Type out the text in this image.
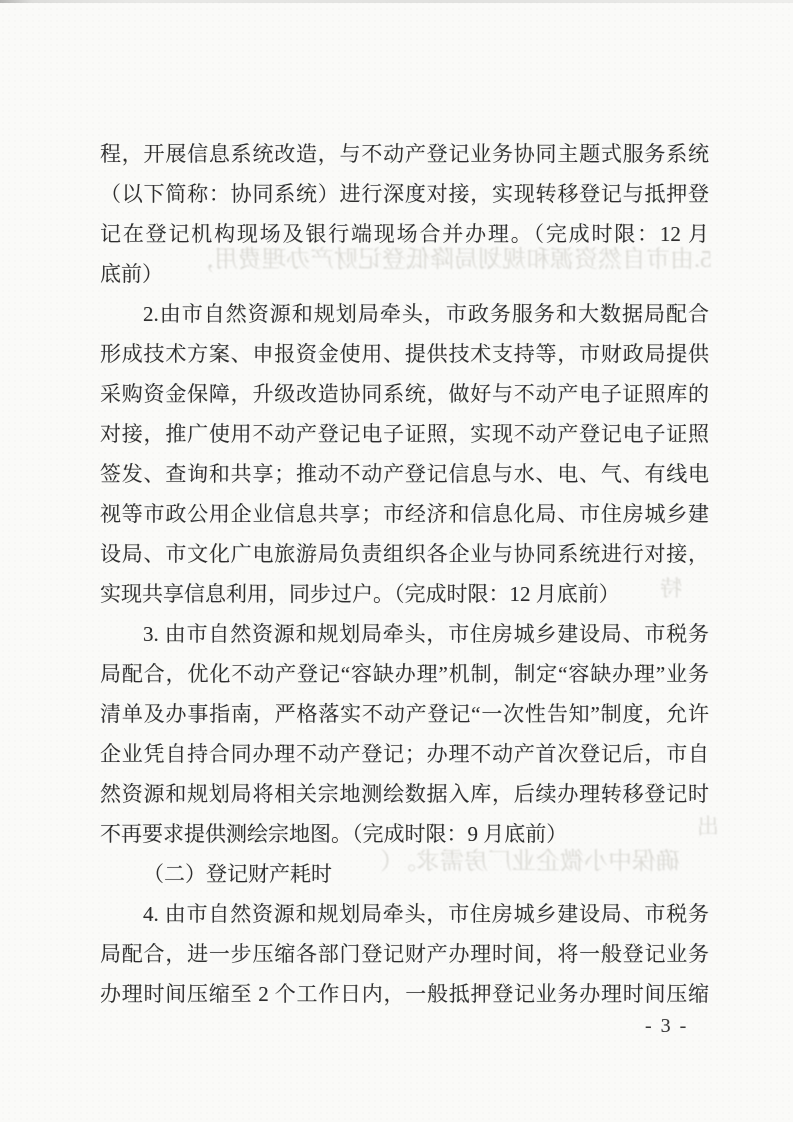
5.由市自然资源和规划局降低登记财产办理费用，
确保中小微企业厂房需求。（
出
特
程，开展信息系统改造，与不动产登记业务协同主题式服务系统
（以下简称：协同系统）进行深度对接，实现转移登记与抵押登
记在登记机构现场及银行端现场合并办理。（完成时限：12 月
底前）
2.由市自然资源和规划局牵头，市政务服务和大数据局配合
形成技术方案、申报资金使用、提供技术支持等，市财政局提供
采购资金保障，升级改造协同系统，做好与不动产电子证照库的
对接，推广使用不动产登记电子证照，实现不动产登记电子证照
签发、查询和共享；推动不动产登记信息与水、电、气、有线电
视等市政公用企业信息共享；市经济和信息化局、市住房城乡建
设局、市文化广电旅游局负责组织各企业与协同系统进行对接，
实现共享信息利用，同步过户。（完成时限：12 月底前）
3. 由市自然资源和规划局牵头，市住房城乡建设局、市税务
局配合，优化不动产登记“容缺办理”机制，制定“容缺办理”业务
清单及办事指南，严格落实不动产登记“一次性告知”制度，允许
企业凭自持合同办理不动产登记；办理不动产首次登记后，市自
然资源和规划局将相关宗地测绘数据入库，后续办理转移登记时
不再要求提供测绘宗地图。（完成时限：9 月底前）
（二）登记财产耗时
4. 由市自然资源和规划局牵头，市住房城乡建设局、市税务
局配合，进一步压缩各部门登记财产办理时间，将一般登记业务
办理时间压缩至 2 个工作日内，一般抵押登记业务办理时间压缩
- 3 -
